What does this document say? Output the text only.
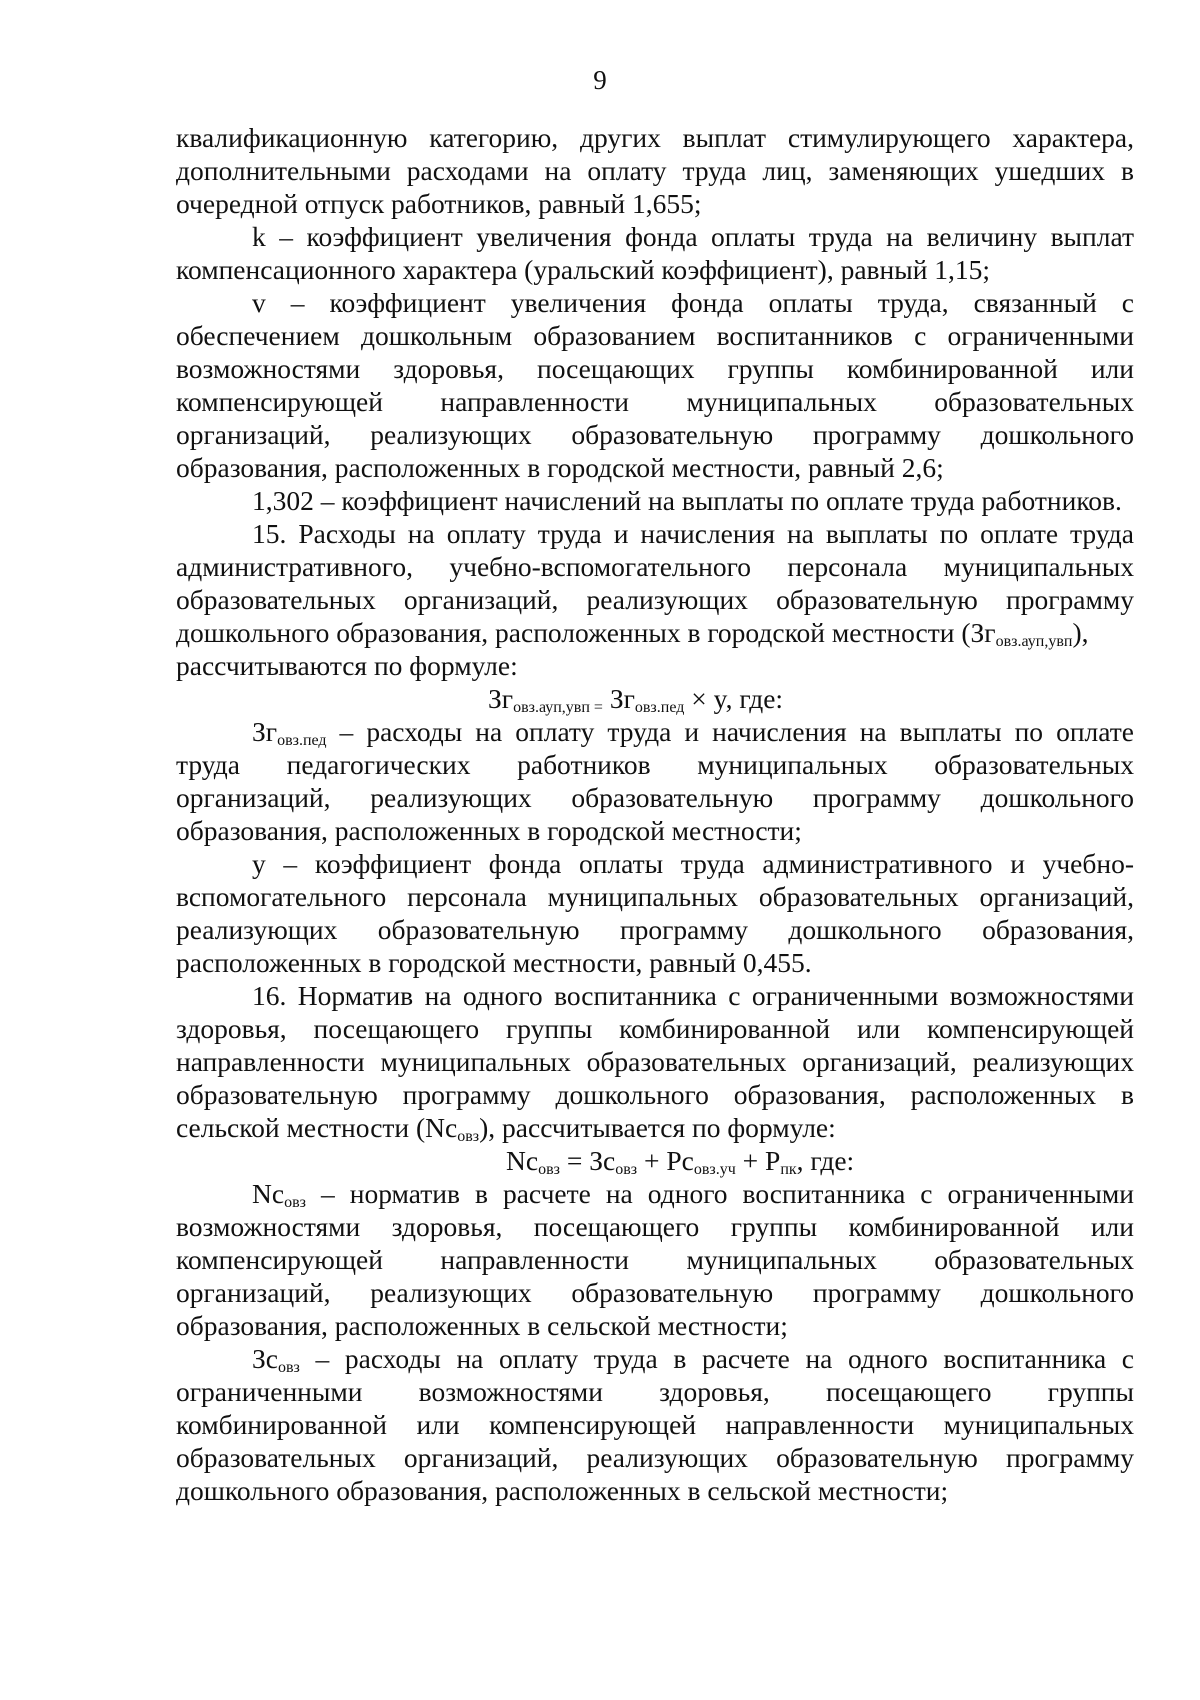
9

квалификационную категорию, других выплат стимулирующего характера, дополнительными расходами на оплату труда лиц, заменяющих ушедших в очередной отпуск работников, равный 1,655;

k – коэффициент увеличения фонда оплаты труда на величину выплат компенсационного характера (уральский коэффициент), равный 1,15;

v – коэффициент увеличения фонда оплаты труда, связанный с обеспечением дошкольным образованием воспитанников с ограниченными возможностями здоровья, посещающих группы комбинированной или компенсирующей направленности муниципальных образовательных организаций, реализующих образовательную программу дошкольного образования, расположенных в городской местности, равный 2,6;

1,302 – коэффициент начислений на выплаты по оплате труда работников.

15. Расходы на оплату труда и начисления на выплаты по оплате труда административного, учебно-вспомогательного персонала муниципальных образовательных организаций, реализующих образовательную программу дошкольного образования, расположенных в городской местности $(Зг_{овз.ауп,увп})$,

рассчитываются по формуле:

$Зг_{овз.ауп,увп =}$ $Зг_{овз.пед} \times y$, где:

$Зг_{овз.пед}$ – расходы на оплату труда и начисления на выплаты по оплате труда педагогических работников муниципальных образовательных организаций, реализующих образовательную программу дошкольного образования, расположенных в городской местности;

y – коэффициент фонда оплаты труда административного и учебно-вспомогательного персонала муниципальных образовательных организаций, реализующих образовательную программу дошкольного образования, расположенных в городской местности, равный 0,455.

16. Норматив на одного воспитанника с ограниченными возможностями здоровья, посещающего группы комбинированной или компенсирующей направленности муниципальных образовательных организаций, реализующих образовательную программу дошкольного образования, расположенных в сельской местности $(Nc_{овз})$, рассчитывается по формуле:

$Nc_{овз} = Зс_{овз} + Рс_{овз.уч} + Р_{пк}$, где:

$Nc_{овз}$ – норматив в расчете на одного воспитанника с ограниченными возможностями здоровья, посещающего группы комбинированной или компенсирующей направленности муниципальных образовательных организаций, реализующих образовательную программу дошкольного образования, расположенных в сельской местности;

$Зс_{овз}$ – расходы на оплату труда в расчете на одного воспитанника с ограниченными возможностями здоровья, посещающего группы комбинированной или компенсирующей направленности муниципальных образовательных организаций, реализующих образовательную программу дошкольного образования, расположенных в сельской местности;
